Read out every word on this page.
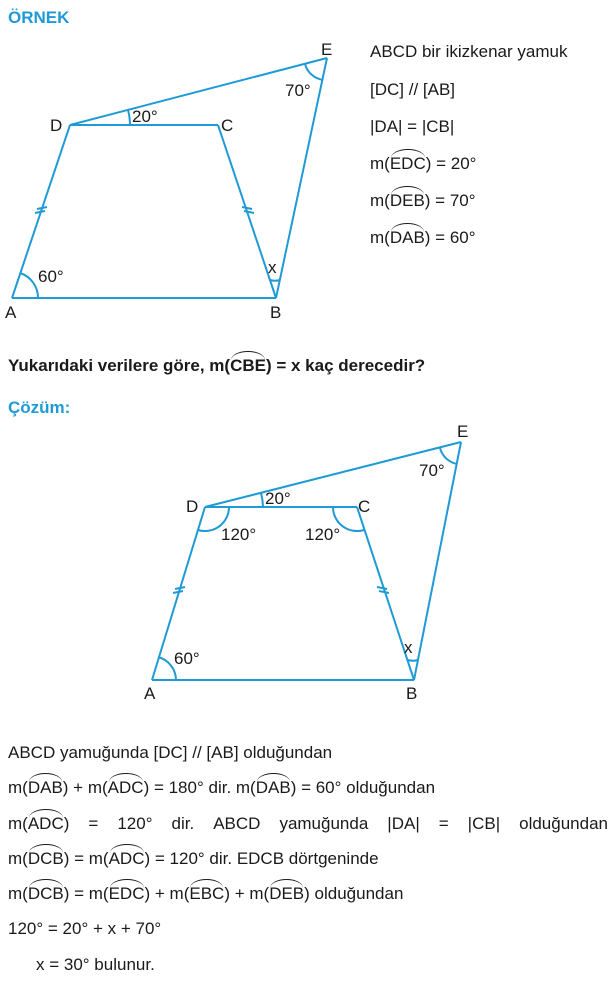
ÖRNEK
Çözüm:
A	B
C
D
E
60°
20°
70°
x
ABCD bir ikizkenar yamuk
[DC] // [AB]
|DA| = |CB|
m(EDC) = 20°
m(DEB) = 70°
m(DAB) = 60°
Yukarıdaki verilere göre, m(CBE) = x kaç derecedir?
A	B
C
D
E
60°
20°
120°	120°
70°
x
ABCD yamuğunda [DC] // [AB] olduğundan
m(DAB) + m(ADC) = 180° dir. m(DAB) = 60° olduğundan
m(ADC) = 120° dir. ABCD yamuğunda |DA| = |CB| olduğundan
m(DCB) = m(ADC) = 120° dir. EDCB dörtgeninde
m(DCB) = m(EDC) + m(EBC) + m(DEB) olduğundan
120° = 20° + x + 70°
x = 30° bulunur.
